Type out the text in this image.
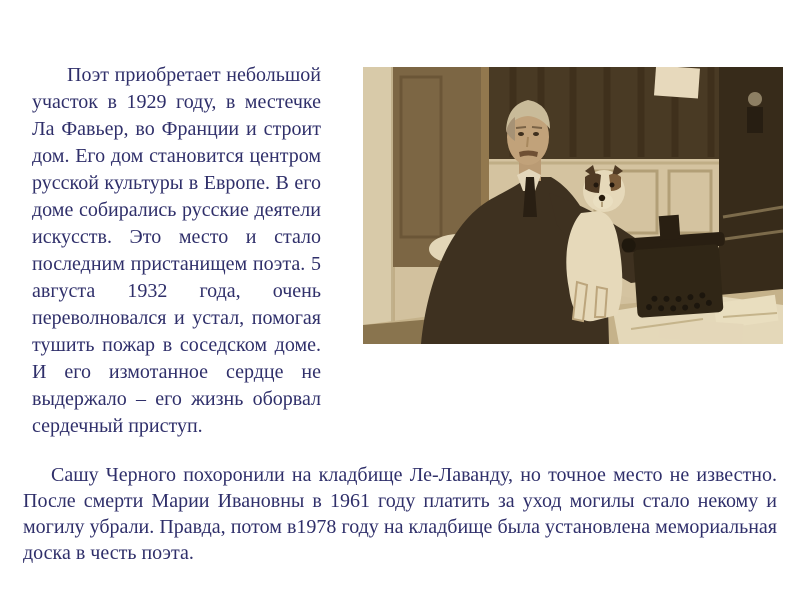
Поэт приобретает небольшой участок в 1929 году, в местечке Ла Фавьер, во Франции и строит дом. Его дом становится центром русской культуры в Европе. В его доме собирались русские деятели искусств. Это место и стало последним пристанищем поэта. 5 августа 1932 года, очень переволновался и устал, помогая тушить пожар в соседском доме. И его измотанное сердце не выдержало – его жизнь оборвал сердечный приступ.

Сашу Черного похоронили на кладбище Ле-Лаванду, но точное место не известно. После смерти Марии Ивановны в 1961 году платить за уход могилы стало некому и могилу убрали. Правда, потом в1978 году на кладбище была установлена мемориальная доска в честь поэта.
